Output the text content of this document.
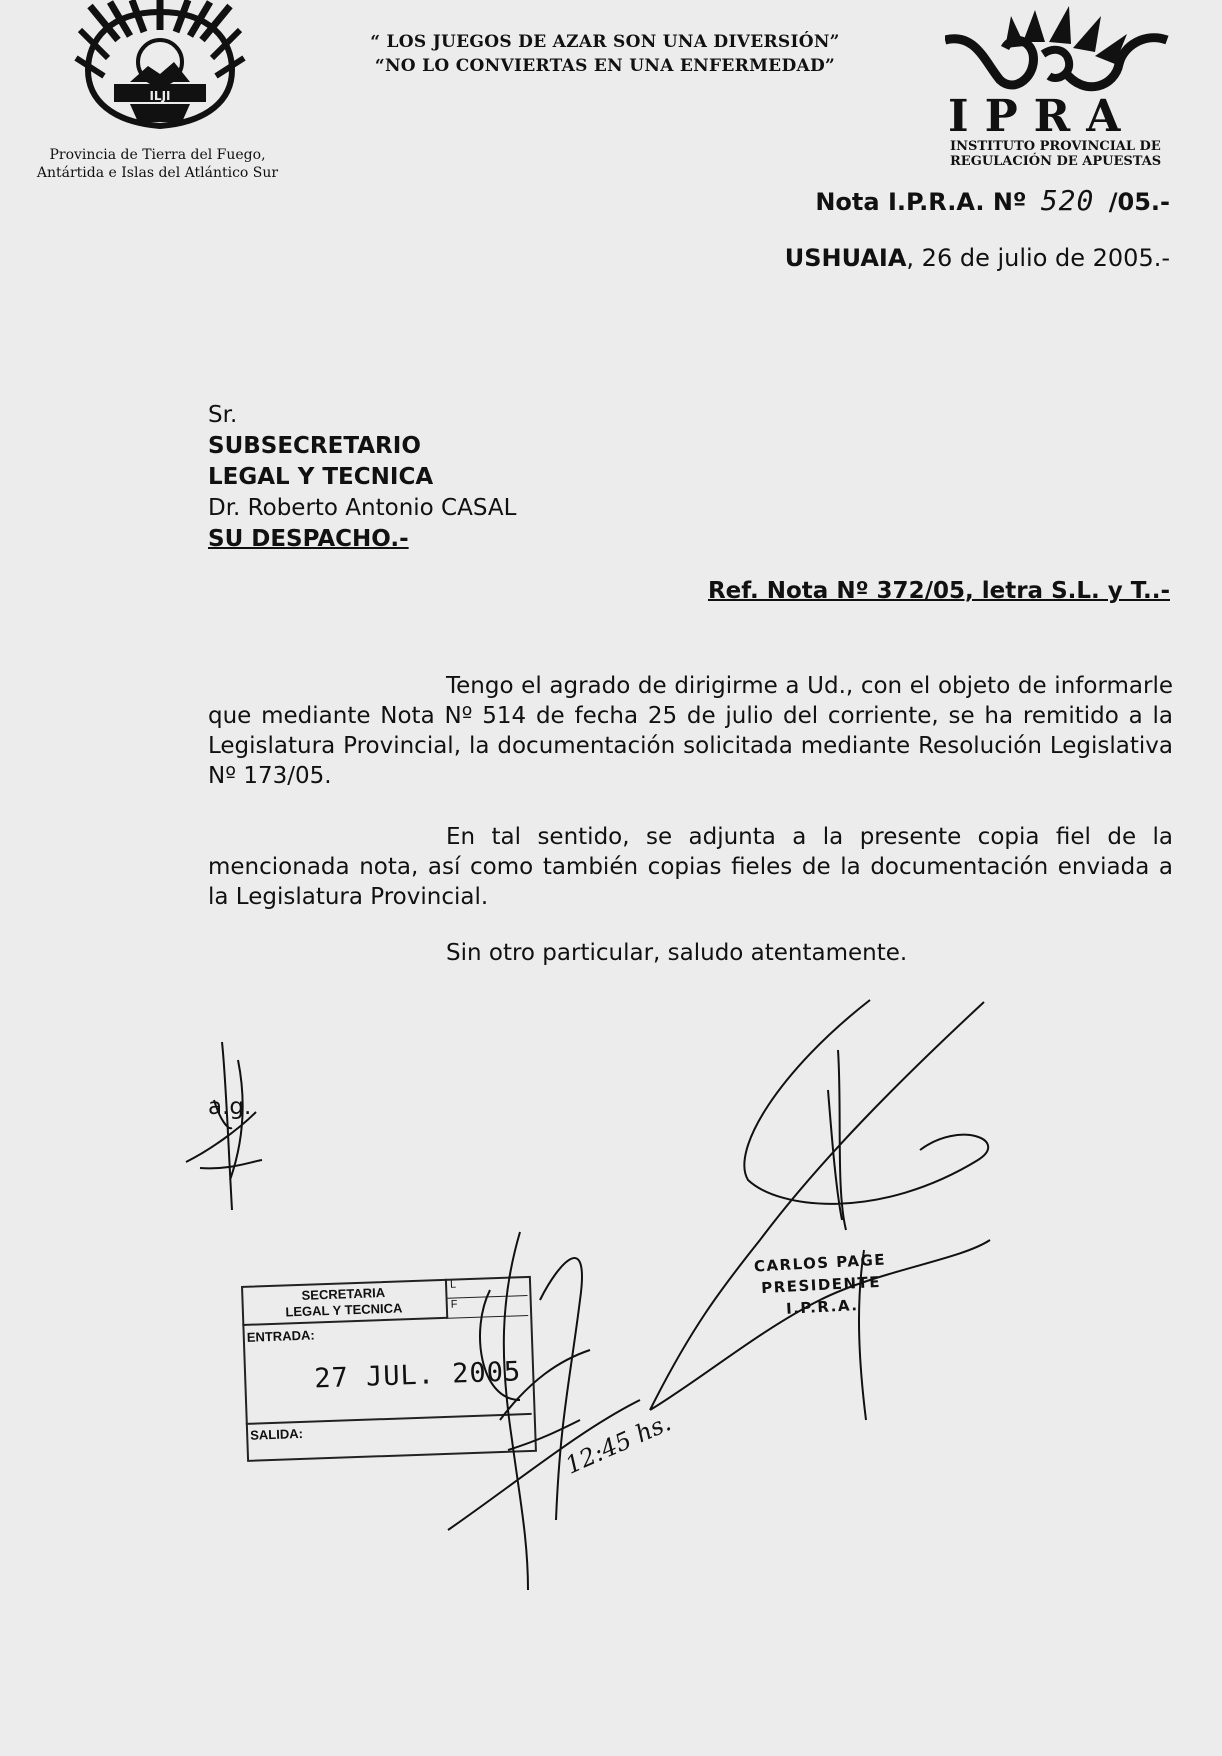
ILJI
Provincia de Tierra del Fuego,
Antártida e Islas del Atlántico Sur
“ LOS JUEGOS DE AZAR SON UNA DIVERSIÓN”
“NO LO CONVIERTAS EN UNA ENFERMEDAD”
IPRA
INSTITUTO PROVINCIAL DE
REGULACIÓN DE APUESTAS
Nota I.P.R.A. Nº 520 /05.-
USHUAIA, 26 de julio de 2005.-
Sr.
SUBSECRETARIO
LEGAL Y TECNICA
Dr. Roberto Antonio CASAL
SU DESPACHO.-
Ref. Nota Nº 372/05, letra S.L. y T..-
Tengo el agrado de dirigirme a Ud., con el objeto de informarle que mediante Nota Nº 514 de fecha 25 de julio del corriente, se ha remitido a la Legislatura Provincial, la documentación solicitada mediante Resolución Legislativa Nº 173/05.
En tal sentido, se adjunta a la presente copia fiel de la mencionada nota, así como también copias fieles de la documentación enviada a la Legislatura Provincial.
Sin otro particular, saludo atentamente.
a.g.
SECRETARIA
LEGAL Y TECNICA
L
F
ENTRADA:
27 JUL. 2005
SALIDA:	12:45 hs.
CARLOS PAGE
PRESIDENTE
I.P.R.A.
